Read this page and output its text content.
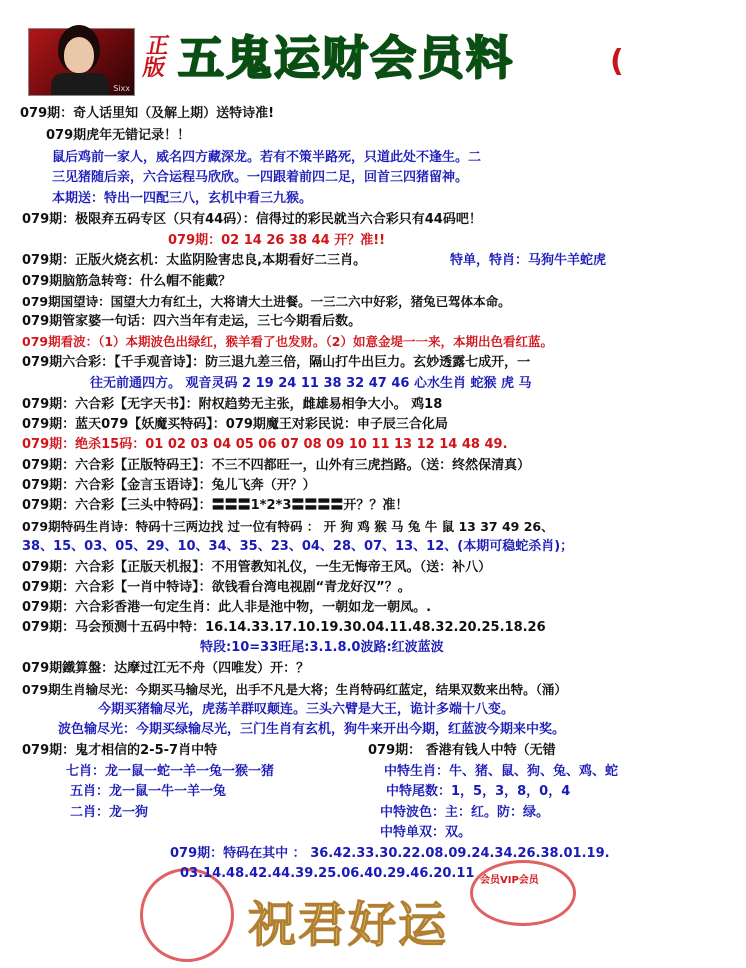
Sixx
正版 五鬼运财会员料	(
会员VIP会员
079期：奇人话里知（及解上期）送特诗准!
079期虎年无错记录！！
鼠后鸡前一家人，威名四方藏深龙。若有不策半路死，只道此处不逢生。二
三见猪随后亲，六合运程马欣欣。一四跟着前四二足，回首三四猪留神。
本期送：特出一四配三八，玄机中看三九猴。
079期：极限弃五码专区（只有44码）：信得过的彩民就当六合彩只有44码吧！
079期：02 14 26 38 44 开？准!!
079期：正版火烧玄机：太监阴险害忠良,本期看好二三肖。	特单，特肖：马狗牛羊蛇虎
079期脑筋急转弯：什么帽不能戴？
079期国望诗：国望大力有红土，大将请大土进餐。一三二六中好彩，猪兔已驾体本命。
079期管家婆一句话：四六当年有走运，三七今期看后数。
079期看波：（1）本期波色出绿红，猴羊看了也发财。（2）如意金堤一一来，本期出色看红蓝。
079期六合彩：【千手观音诗】：防三退九差三倍，隔山打牛出巨力。玄妙透露七成开，一
往无前通四方。 观音灵码 2 19 24 11 38 32 47 46 心水生肖 蛇猴 虎 马
079期：六合彩【无字天书】：附权趋势无主张，雌雄易相争大小。 鸡18
079期：蓝天079【妖魔买特码】：079期魔王对彩民说：申子辰三合化局
079期：绝杀15码：01 02 03 04 05 06 07 08 09 10 11 13 12 14 48 49.
079期：六合彩【正版特码王】：不三不四都旺一，山外有三虎挡路。（送：终然保清真）
079期：六合彩【金言玉语诗】：兔儿飞奔（开？）
079期：六合彩【三头中特码】：〓〓〓1*2*3〓〓〓〓开？？准！
079期特码生肖诗：特码十三两边找 过一位有特码 ： 开 狗 鸡 猴 马 兔 牛 鼠 13 37 49 26、
38、15、03、05、29、10、34、35、23、04、28、07、13、12、(本期可稳蛇杀肖)；
079期：六合彩【正版天机报】：不用管教知礼仪，一生无悔帝王风。（送：补八）
079期：六合彩【一肖中特诗】：欲钱看台湾电视剧“青龙好汉”？。
079期：六合彩香港一句定生肖：此人非是池中物，一朝如龙一朝凤。.
079期：马会预测十五码中特：16.14.33.17.10.19.30.04.11.48.32.20.25.18.26
特段:10=33旺尾:3.1.8.0波路:红波蓝波
079期鐵算盤：达摩过江无不舟（四唯发）开：？
079期生肖输尽光：今期买马输尽光，出手不凡是大将；生肖特码红蓝定，结果双数来出特。（涌）
今期买猪输尽光，虎荡羊群叹颠连。三头六臂是大王，诡计多端十八变。
波色输尽光：今期买绿输尽光，三门生肖有玄机，狗牛来开出今期，红蓝波今期来中奖。
079期：鬼才相信的2-5-7肖中特	079期： 香港有钱人中特（无错
七肖：龙一鼠一蛇一羊一兔一猴一猪	中特生肖：牛、猪、鼠、狗、兔、鸡、蛇
五肖：龙一鼠一牛一羊一兔	中特尾数：1，5，3，8，0，4
二肖：龙一狗	中特波色：主：红。防：绿。
中特单双：双。
079期：特码在其中 ： 36.42.33.30.22.08.09.24.34.26.38.01.19.
03.14.48.42.44.39.25.06.40.29.46.20.11
祝君好运
